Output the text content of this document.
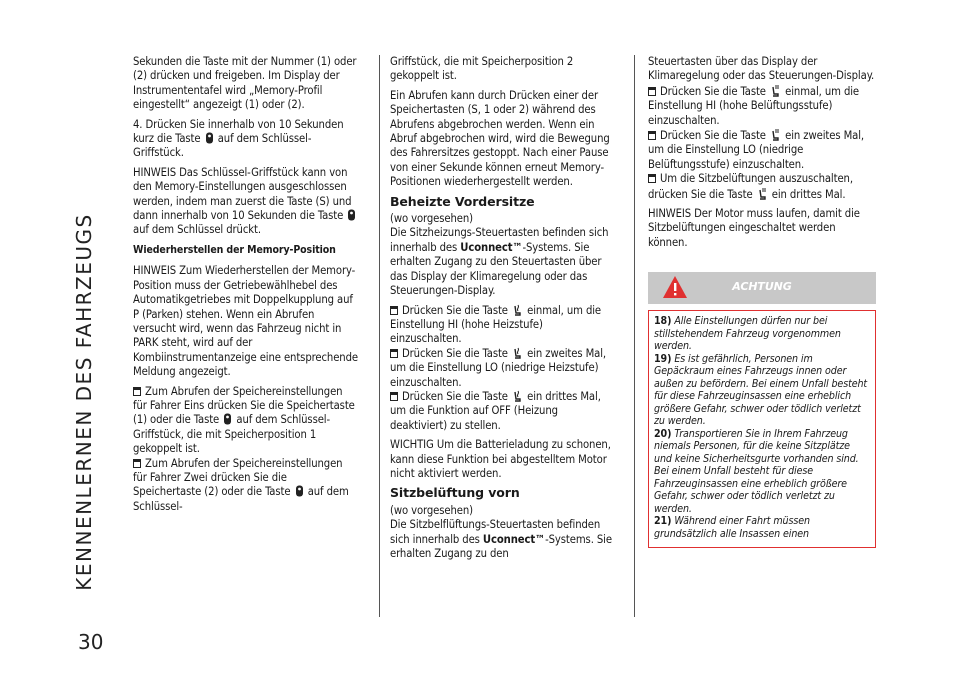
KENNENLERNEN DES FAHRZEUGS
30

Sekunden die Taste mit der Nummer (1) oder (2) drücken und freigeben. Im Display der Instrumententafel wird „Memory-Profil eingestellt“ angezeigt (1) oder (2).

4. Drücken Sie innerhalb von 10 Sekunden kurz die Taste auf dem Schlüssel-Griffstück.

HINWEIS Das Schlüssel-Griffstück kann von den Memory-Einstellungen ausgeschlossen werden, indem man zuerst die Taste (S) und dann innerhalb von 10 Sekunden die Taste  auf dem Schlüssel drückt.

Wiederherstellen der Memory-Position

HINWEIS Zum Wiederherstellen der Memory-Position muss der Getriebewählhebel des Automatikgetriebes mit Doppelkupplung auf P (Parken) stehen. Wenn ein Abrufen versucht wird, wenn das Fahrzeug nicht in PARK steht, wird auf der Kombiinstrumentanzeige eine entsprechende Meldung angezeigt.

Zum Abrufen der Speichereinstellungen für Fahrer Eins drücken Sie die Speichertaste (1) oder die Taste auf dem Schlüssel-Griffstück, die mit Speicherposition 1 gekoppelt ist.

Zum Abrufen der Speichereinstellungen für Fahrer Zwei drücken Sie die Speichertaste (2) oder die Taste auf dem Schlüssel-

Griffstück, die mit Speicherposition 2 gekoppelt ist.

Ein Abrufen kann durch Drücken einer der Speichertasten (S, 1 oder 2) während des Abrufens abgebrochen werden. Wenn ein Abruf abgebrochen wird, wird die Bewegung des Fahrersitzes gestoppt. Nach einer Pause von einer Sekunde können erneut Memory-Positionen wiederhergestellt werden.

Beheizte Vordersitze

(wo vorgesehen)

Die Sitzheizungs-Steuertasten befinden sich innerhalb des Uconnect™-Systems. Sie erhalten Zugang zu den Steuertasten über das Display der Klimaregelung oder das Steuerungen-Display.

Drücken Sie die Taste einmal, um die Einstellung HI (hohe Heizstufe) einzuschalten.

Drücken Sie die Taste ein zweites Mal, um die Einstellung LO (niedrige Heizstufe) einzuschalten.

Drücken Sie die Taste ein drittes Mal, um die Funktion auf OFF (Heizung deaktiviert) zu stellen.

WICHTIG Um die Batterieladung zu schonen, kann diese Funktion bei abgestelltem Motor nicht aktiviert werden.

Sitzbelüftung vorn

(wo vorgesehen)

Die Sitzbelflüftungs-Steuertasten befinden sich innerhalb des Uconnect™-Systems. Sie erhalten Zugang zu den

Steuertasten über das Display der Klimaregelung oder das Steuerungen-Display.

Drücken Sie die Taste einmal, um die Einstellung HI (hohe Belüftungsstufe) einzuschalten.

Drücken Sie die Taste ein zweites Mal, um die Einstellung LO (niedrige Belüftungsstufe) einzuschalten.

Um die Sitzbelüftungen auszuschalten, drücken Sie die Taste ein drittes Mal.

HINWEIS Der Motor muss laufen, damit die Sitzbelüftungen eingeschaltet werden können.

ACHTUNG
18) Alle Einstellungen dürfen nur bei stillstehendem Fahrzeug vorgenommen werden.
19) Es ist gefährlich, Personen im Gepäckraum eines Fahrzeugs innen oder außen zu befördern. Bei einem Unfall besteht für diese Fahrzeuginsassen eine erheblich größere Gefahr, schwer oder tödlich verletzt zu werden.
20) Transportieren Sie in Ihrem Fahrzeug niemals Personen, für die keine Sitzplätze und keine Sicherheitsgurte vorhanden sind. Bei einem Unfall besteht für diese Fahrzeuginsassen eine erheblich größere Gefahr, schwer oder tödlich verletzt zu werden.
21) Während einer Fahrt müssen grundsätzlich alle Insassen einen
